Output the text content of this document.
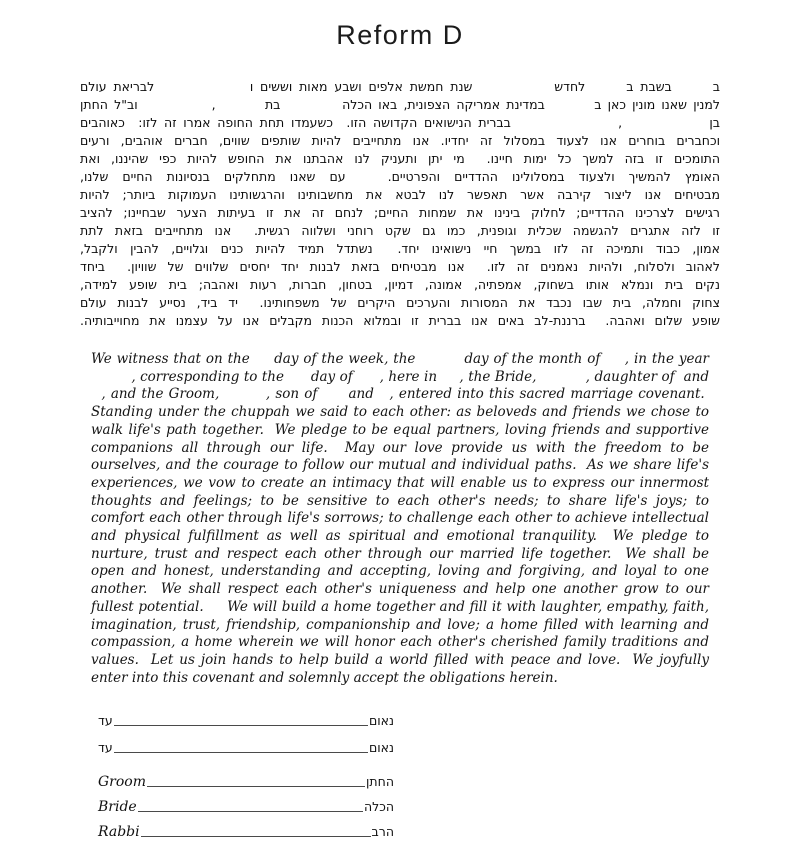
Reform D
ב      בשבת ב      לחדש            שנת חמשת אלפים ושבע מאות וששים ו              לבריאת עולם
למנין שאנו מונין כאן ב        במדינת אמריקה הצפונית, באו הכלה          בת        ,            וב"ל החתן
בן             ,                בברית הנישואים הקדושה הזו.  כשעמדו תחת החופה אמרו זה לזו:  כאוהבים
וכחברים בוחרים אנו לצעוד במסלול זה יחדיו. אנו מתחייבים להיות שותפים שווים, חברים אוהבים, ורעים
התומכים זו בזה למשך כל ימות חיינו.  מי יתן ותעניק לנו אהבתנו את החופש להיות כפי שהיננו, ואת
האומץ להמשיך ולצעוד במסלולינו ההדדיים והפרטיים.   עם שאנו מתחלקים בנסיונות החיים שלנו,
מבטיחים אנו ליצור קירבה אשר תאפשר לנו לבטא את מחשבותינו והרגשותינו העמוקות ביותר; להיות
רגישים לצרכינו ההדדיים; לחלוק בינינו את שמחות החיים; לנחם זה את זו בעיתות הצער שבחיינו; להציב
זו לזה אתגרים להגשמה שכלית וגופנית, כמו גם שקט רוחני ושלווה רגשית.  אנו מתחייבים בזאת לתת
אמון, כבוד ותמיכה זה לזו במשך חיי נישואינו יחד.  נשתדל תמיד להיות כנים וגלויים, להבין ולקבל,
לאהוב ולסלוח, ולהיות נאמנים זה לזו.  אנו מבטיחים בזאת לבנות יחד יחסים שלווים של שוויון.  ביחד
נקים בית ונמלא אותו בשחוק, אמפתיה, אמונה, דמיון, בטחון, חברות, רעות ואהבה; בית שופע למידה,
צחוק וחמלה, בית שבו נכבד את המסורות והערכים היקרים של משפחותינו.  יד ביד, נסייע לבנות עולם
שופע שלום ואהבה.  ברננת-לב באים אנו בברית זו ובמלוא הכנות מקבלים אנו על עצמנו את מחוייבותיה.
We witness that on the     day of the week, the          day of the month of     , in the year          , corresponding to the      day of      , here in     , the Bride,           , daughter of  and   , and the Groom,         , son of      and   , entered into this sacred marriage covenant.  Standing under the chuppah we said to each other: as beloveds and friends we chose to walk life's path together.  We pledge to be equal partners, loving friends and supportive companions all through our life.  May our love provide us with the freedom to be ourselves, and the courage to follow our mutual and individual paths.  As we share life's experiences, we vow to create an intimacy that will enable us to express our innermost thoughts and feelings; to be sensitive to each other's needs; to share life's joys; to comfort each other through life's sorrows; to challenge each other to achieve intellectual and physical fulfillment as well as spiritual and emotional tranquility.  We pledge to nurture, trust and respect each other through our married life together.  We shall be open and honest, understanding and accepting, loving and forgiving, and loyal to one another.  We shall respect each other's uniqueness and help one another grow to our fullest potential.     We will build a home together and fill it with laughter, empathy, faith, imagination, trust, friendship, companionship and love; a home filled with learning and compassion, a home wherein we will honor each other's cherished family traditions and values.  Let us join hands to help build a world filled with peace and love.  We joyfully enter into this covenant and solemnly accept the obligations herein.
עד	נאום
עד	נאום
Groom	החתן
Bride	הכלה
Rabbi	הרב
